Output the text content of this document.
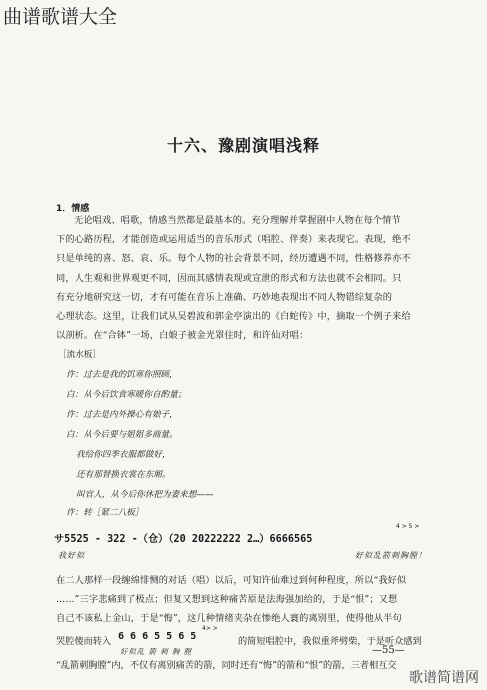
曲谱歌谱大全
十六、豫剧演唱浅释
1．情感
无论唱戏、唱歌，情感当然都是最基本的。充分理解并掌握剧中人物在每个情节
下的心路历程，才能创造或运用适当的音乐形式（唱腔、伴奏）来表现它。表现，绝不
只是单纯的喜、怒、哀、乐。每个人物的社会背景不同，经历遭遇不同，性格修养亦不
同，人生观和世界观更不同，因而其感情表现或宣泄的形式和方法也就不会相同。只
有充分地研究这一切，才有可能在音乐上准确、巧妙地表现出不同人物错综复杂的
心理状态。这里，让我们试从吴碧波和郭金亭演出的《白蛇传》中，摘取一个例子来给
以剖析。在“合钵”一场，白娘子被金光罩住时，和许仙对唱：
［流水板］
许：过去是我的饥寒你照顾，
白：从今后饮食寒暖你自酌量；
许：过去是内外操心有娘子，
白：从今后要与姐姐多商量。
我给你四季衣服都做好，
还有那替换衣裳在东厢。
叫官人，从今后你休把为妻来想——
许：转［紧二八板］
4 > 5 >
サ5525 - 322 -（仓）（20 20222222 2…）6666565
我好似	好似乱箭刺胸膛！
在二人那样一段缠绵悱恻的对话（唱）以后，可知许仙难过到何种程度，所以“我好似
……”三字悲痛到了极点；但复又想到这种痛苦原是法海强加给的，于是“恨”；又想
自己不该私上金山，于是“悔”，这几种情绪夹杂在惨绝人寰的离别里，使得他从半句
哭腔傻而转入
4> >
6 6 6 5 5 6 5
好似乱 箭 刺 胸 膛
的简短唱腔中，我似重斧劈柴，于是听众感到
“乱箭刺胸膛”内，不仅有离别痛苦的箭，同时还有“悔”的箭和“恨”的箭，三者相互交
—55—
歌谱简谱网
